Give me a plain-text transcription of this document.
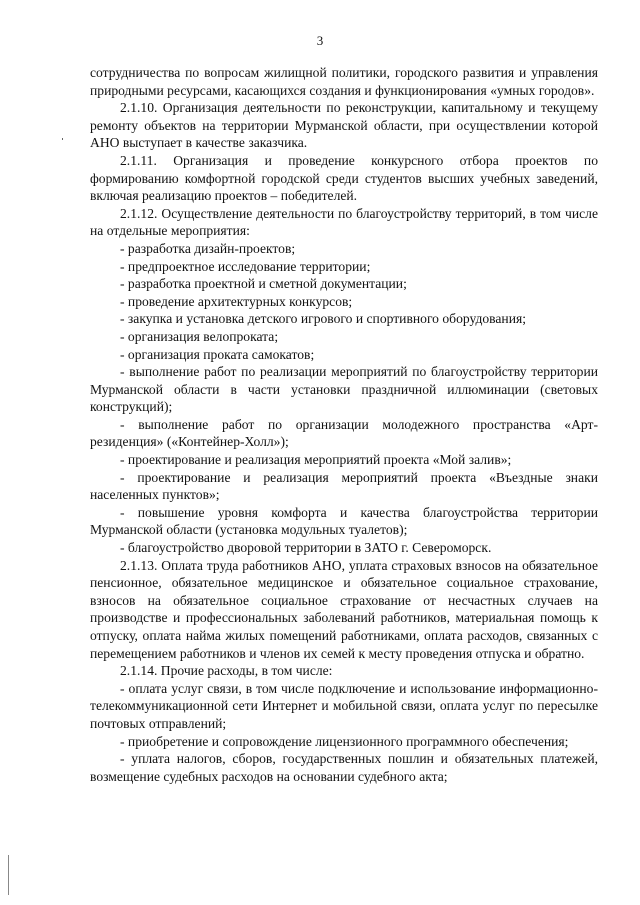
3

сотрудничества по вопросам жилищной политики, городского развития и управления природными ресурсами, касающихся создания и функционирования «умных городов».

2.1.10. Организация деятельности по реконструкции, капитальному и текущему ремонту объектов на территории Мурманской области, при осуществлении которой АНО выступает в качестве заказчика.

2.1.11. Организация и проведение конкурсного отбора проектов по формированию комфортной городской среди студентов высших учебных заведений, включая реализацию проектов – победителей.

2.1.12. Осуществление деятельности по благоустройству территорий, в том числе на отдельные мероприятия:

- разработка дизайн-проектов;

- предпроектное исследование территории;

- разработка проектной и сметной документации;

- проведение архитектурных конкурсов;

- закупка и установка детского игрового и спортивного оборудования;

- организация велопроката;

- организация проката самокатов;

- выполнение работ по реализации мероприятий по благоустройству территории Мурманской области в части установки праздничной иллюминации (световых конструкций);

- выполнение работ по организации молодежного пространства «Арт-резиденция» («Контейнер-Холл»);

- проектирование и реализация мероприятий проекта «Мой залив»;

- проектирование и реализация мероприятий проекта «Въездные знаки населенных пунктов»;

- повышение уровня комфорта и качества благоустройства территории Мурманской области (установка модульных туалетов);

- благоустройство дворовой территории в ЗАТО г. Североморск.

2.1.13. Оплата труда работников АНО, уплата страховых взносов на обязательное пенсионное, обязательное медицинское и обязательное социальное страхование, взносов на обязательное социальное страхование от несчастных случаев на производстве и профессиональных заболеваний работников, материальная помощь к отпуску, оплата найма жилых помещений работниками, оплата расходов, связанных с перемещением работников и членов их семей к месту проведения отпуска и обратно.

2.1.14. Прочие расходы, в том числе:

- оплата услуг связи, в том числе подключение и использование информационно-телекоммуникационной сети Интернет и мобильной связи, оплата услуг по пересылке почтовых отправлений;

- приобретение и сопровождение лицензионного программного обеспечения;

- уплата налогов, сборов, государственных пошлин и обязательных платежей, возмещение судебных расходов на основании судебного акта;
